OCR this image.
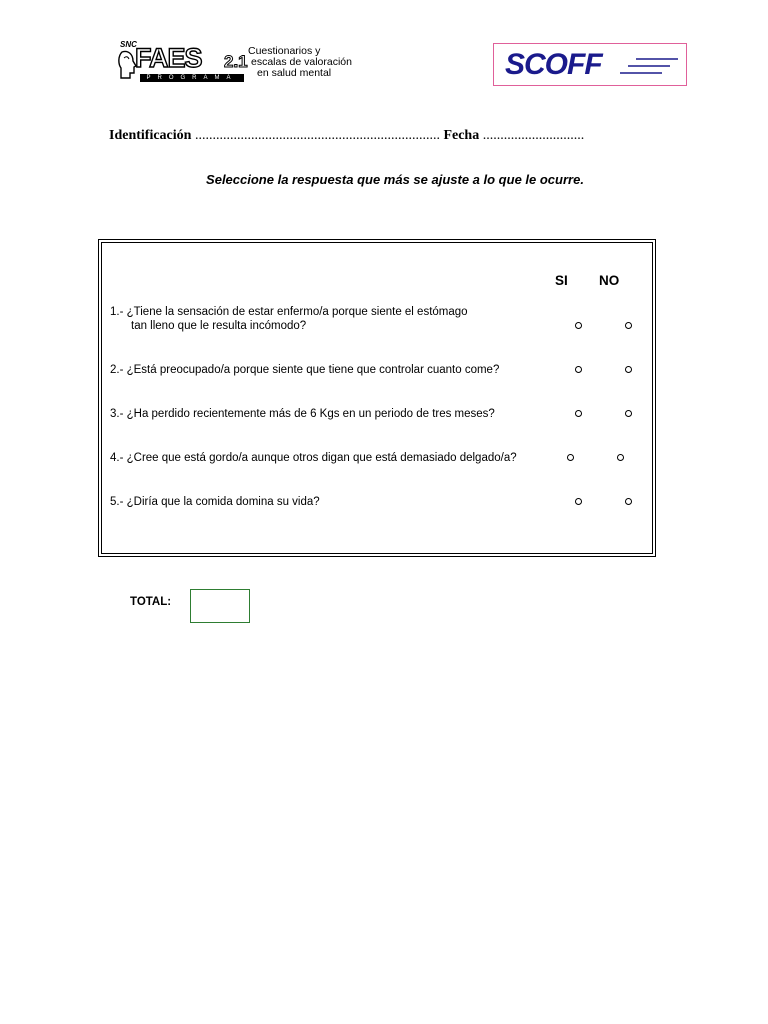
SNC
FAES 2.1
PROGRAMA
Cuestionarios y
escalas de valoración
en salud mental	SCOFF
Identificación ...................................................................... Fecha .............................
Seleccione la respuesta que más se ajuste a lo que le ocurre.
SI NO
1.- ¿Tiene la sensación de estar enfermo/a porque siente el estómago
tan lleno que le resulta incómodo?
2.- ¿Está preocupado/a porque siente que tiene que controlar cuanto come?
3.- ¿Ha perdido recientemente más de 6 Kgs en un periodo de tres meses?
4.- ¿Cree que está gordo/a aunque otros digan que está demasiado delgado/a?
5.- ¿Diría que la comida domina su vida?
TOTAL:
